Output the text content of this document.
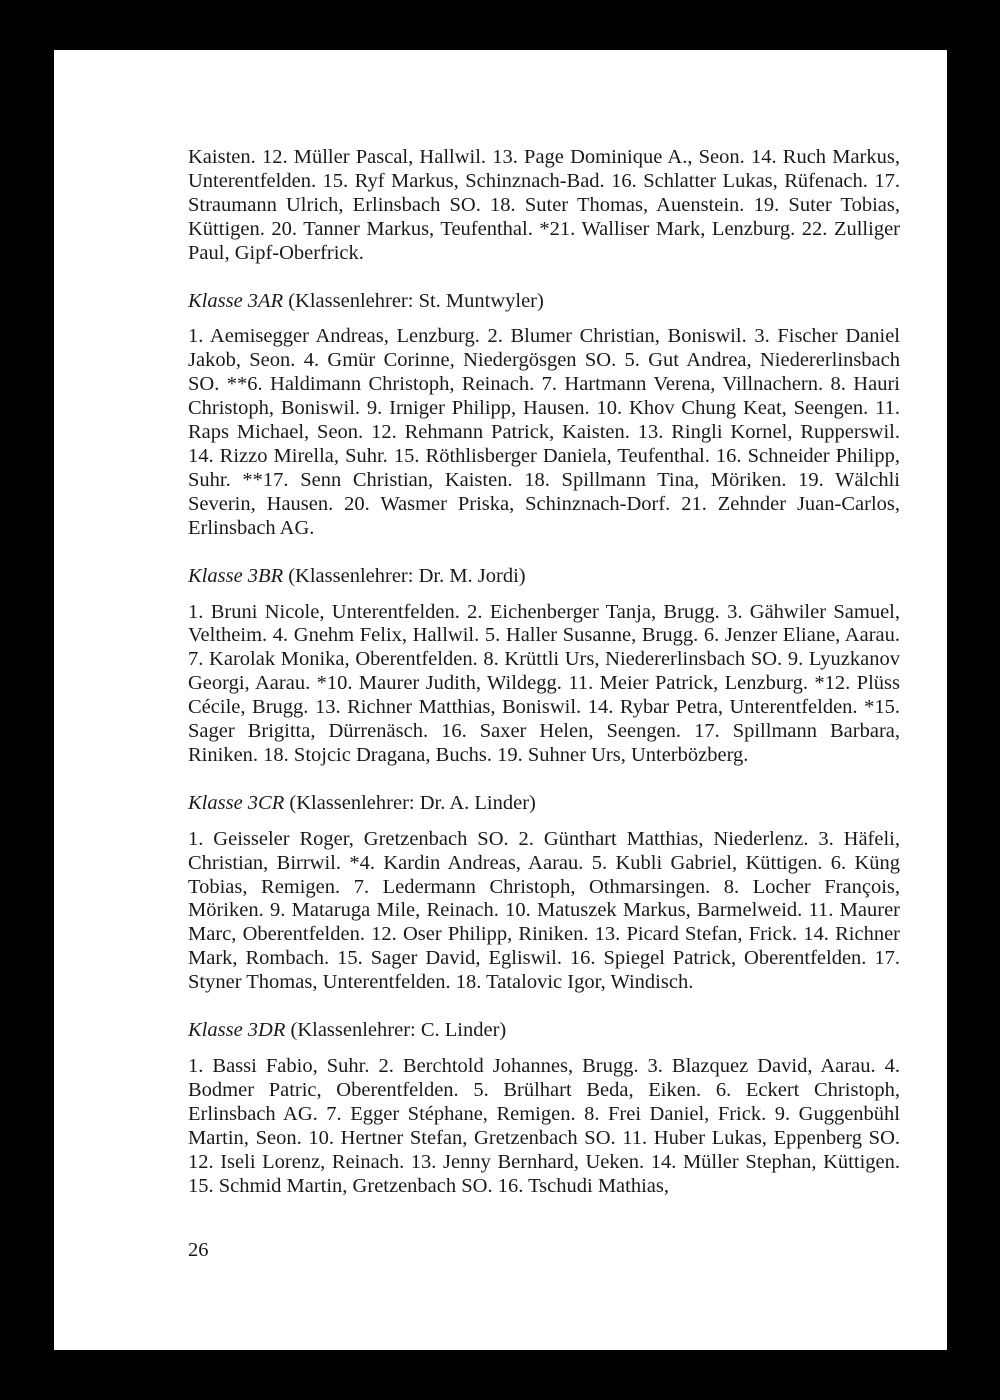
Kaisten. 12. Müller Pascal, Hallwil. 13. Page Dominique A., Seon. 14. Ruch Markus, Unterentfelden. 15. Ryf Markus, Schinznach-Bad. 16. Schlatter Lukas, Rüfenach. 17. Straumann Ulrich, Erlinsbach SO. 18. Suter Thomas, Auenstein. 19. Suter Tobias, Küttigen. 20. Tanner Markus, Teufenthal. *21. Walliser Mark, Lenzburg. 22. Zulliger Paul, Gipf-Oberfrick.

Klasse 3AR (Klassenlehrer: St. Muntwyler)

1. Aemisegger Andreas, Lenzburg. 2. Blumer Christian, Boniswil. 3. Fischer Daniel Jakob, Seon. 4. Gmür Corinne, Niedergösgen SO. 5. Gut Andrea, Niedererlinsbach SO. **6. Haldimann Christoph, Reinach. 7. Hartmann Verena, Villnachern. 8. Hauri Christoph, Boniswil. 9. Irniger Philipp, Hausen. 10. Khov Chung Keat, Seengen. 11. Raps Michael, Seon. 12. Rehmann Patrick, Kaisten. 13. Ringli Kornel, Rupperswil. 14. Rizzo Mirella, Suhr. 15. Röthlisberger Daniela, Teufenthal. 16. Schneider Philipp, Suhr. **17. Senn Christian, Kaisten. 18. Spillmann Tina, Möriken. 19. Wälchli Severin, Hausen. 20. Wasmer Priska, Schinznach-Dorf. 21. Zehnder Juan-Carlos, Erlinsbach AG.

Klasse 3BR (Klassenlehrer: Dr. M. Jordi)

1. Bruni Nicole, Unterentfelden. 2. Eichenberger Tanja, Brugg. 3. Gähwiler Samuel, Veltheim. 4. Gnehm Felix, Hallwil. 5. Haller Susanne, Brugg. 6. Jenzer Eliane, Aarau. 7. Karolak Monika, Oberentfelden. 8. Krüttli Urs, Niedererlinsbach SO. 9. Lyuzkanov Georgi, Aarau. *10. Maurer Judith, Wildegg. 11. Meier Patrick, Lenzburg. *12. Plüss Cécile, Brugg. 13. Richner Matthias, Boniswil. 14. Rybar Petra, Unterentfelden. *15. Sager Brigitta, Dürrenäsch. 16. Saxer Helen, Seengen. 17. Spillmann Barbara, Riniken. 18. Stojcic Dragana, Buchs. 19. Suhner Urs, Unterbözberg.

Klasse 3CR (Klassenlehrer: Dr. A. Linder)

1. Geisseler Roger, Gretzenbach SO. 2. Günthart Matthias, Niederlenz. 3. Häfeli, Christian, Birrwil. *4. Kardin Andreas, Aarau. 5. Kubli Gabriel, Küttigen. 6. Küng Tobias, Remigen. 7. Ledermann Christoph, Othmarsingen. 8. Locher François, Möriken. 9. Mataruga Mile, Reinach. 10. Matuszek Markus, Barmelweid. 11. Maurer Marc, Oberentfelden. 12. Oser Philipp, Riniken. 13. Picard Stefan, Frick. 14. Richner Mark, Rombach. 15. Sager David, Egliswil. 16. Spiegel Patrick, Oberentfelden. 17. Styner Thomas, Unterentfelden. 18. Tatalovic Igor, Windisch.

Klasse 3DR (Klassenlehrer: C. Linder)

1. Bassi Fabio, Suhr. 2. Berchtold Johannes, Brugg. 3. Blazquez David, Aarau. 4. Bodmer Patric, Oberentfelden. 5. Brülhart Beda, Eiken. 6. Eckert Christoph, Erlinsbach AG. 7. Egger Stéphane, Remigen. 8. Frei Daniel, Frick. 9. Guggenbühl Martin, Seon. 10. Hertner Stefan, Gretzenbach SO. 11. Huber Lukas, Eppenberg SO. 12. Iseli Lorenz, Reinach. 13. Jenny Bernhard, Ueken. 14. Müller Stephan, Küttigen. 15. Schmid Martin, Gretzenbach SO. 16. Tschudi Mathias,

26
